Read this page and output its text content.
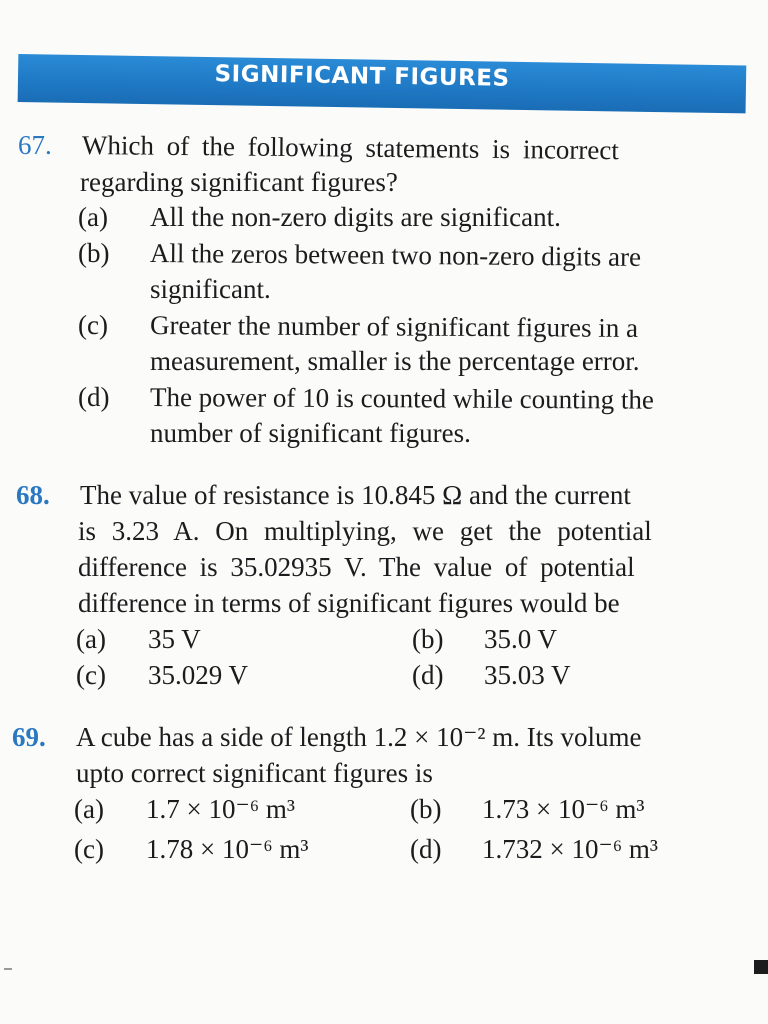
SIGNIFICANT FIGURES
67. Which of the following statements is incorrect
regarding significant figures?
(a) All the non-zero digits are significant.
(b) All the zeros between two non-zero digits are
significant.
(c) Greater the number of significant figures in a
measurement, smaller is the percentage error.
(d) The power of 10 is counted while counting the
number of significant figures.
68. The value of resistance is 10.845 Ω and the current
is 3.23 A. On multiplying, we get the potential
difference is 35.02935 V. The value of potential
difference in terms of significant figures would be
(a) 35 V	(b) 35.0 V
(c) 35.029 V	(d) 35.03 V
69. A cube has a side of length 1.2 × 10⁻² m. Its volume
upto correct significant figures is
(a) 1.7 × 10⁻⁶ m³	(b) 1.73 × 10⁻⁶ m³
(c) 1.78 × 10⁻⁶ m³	(d) 1.732 × 10⁻⁶ m³
